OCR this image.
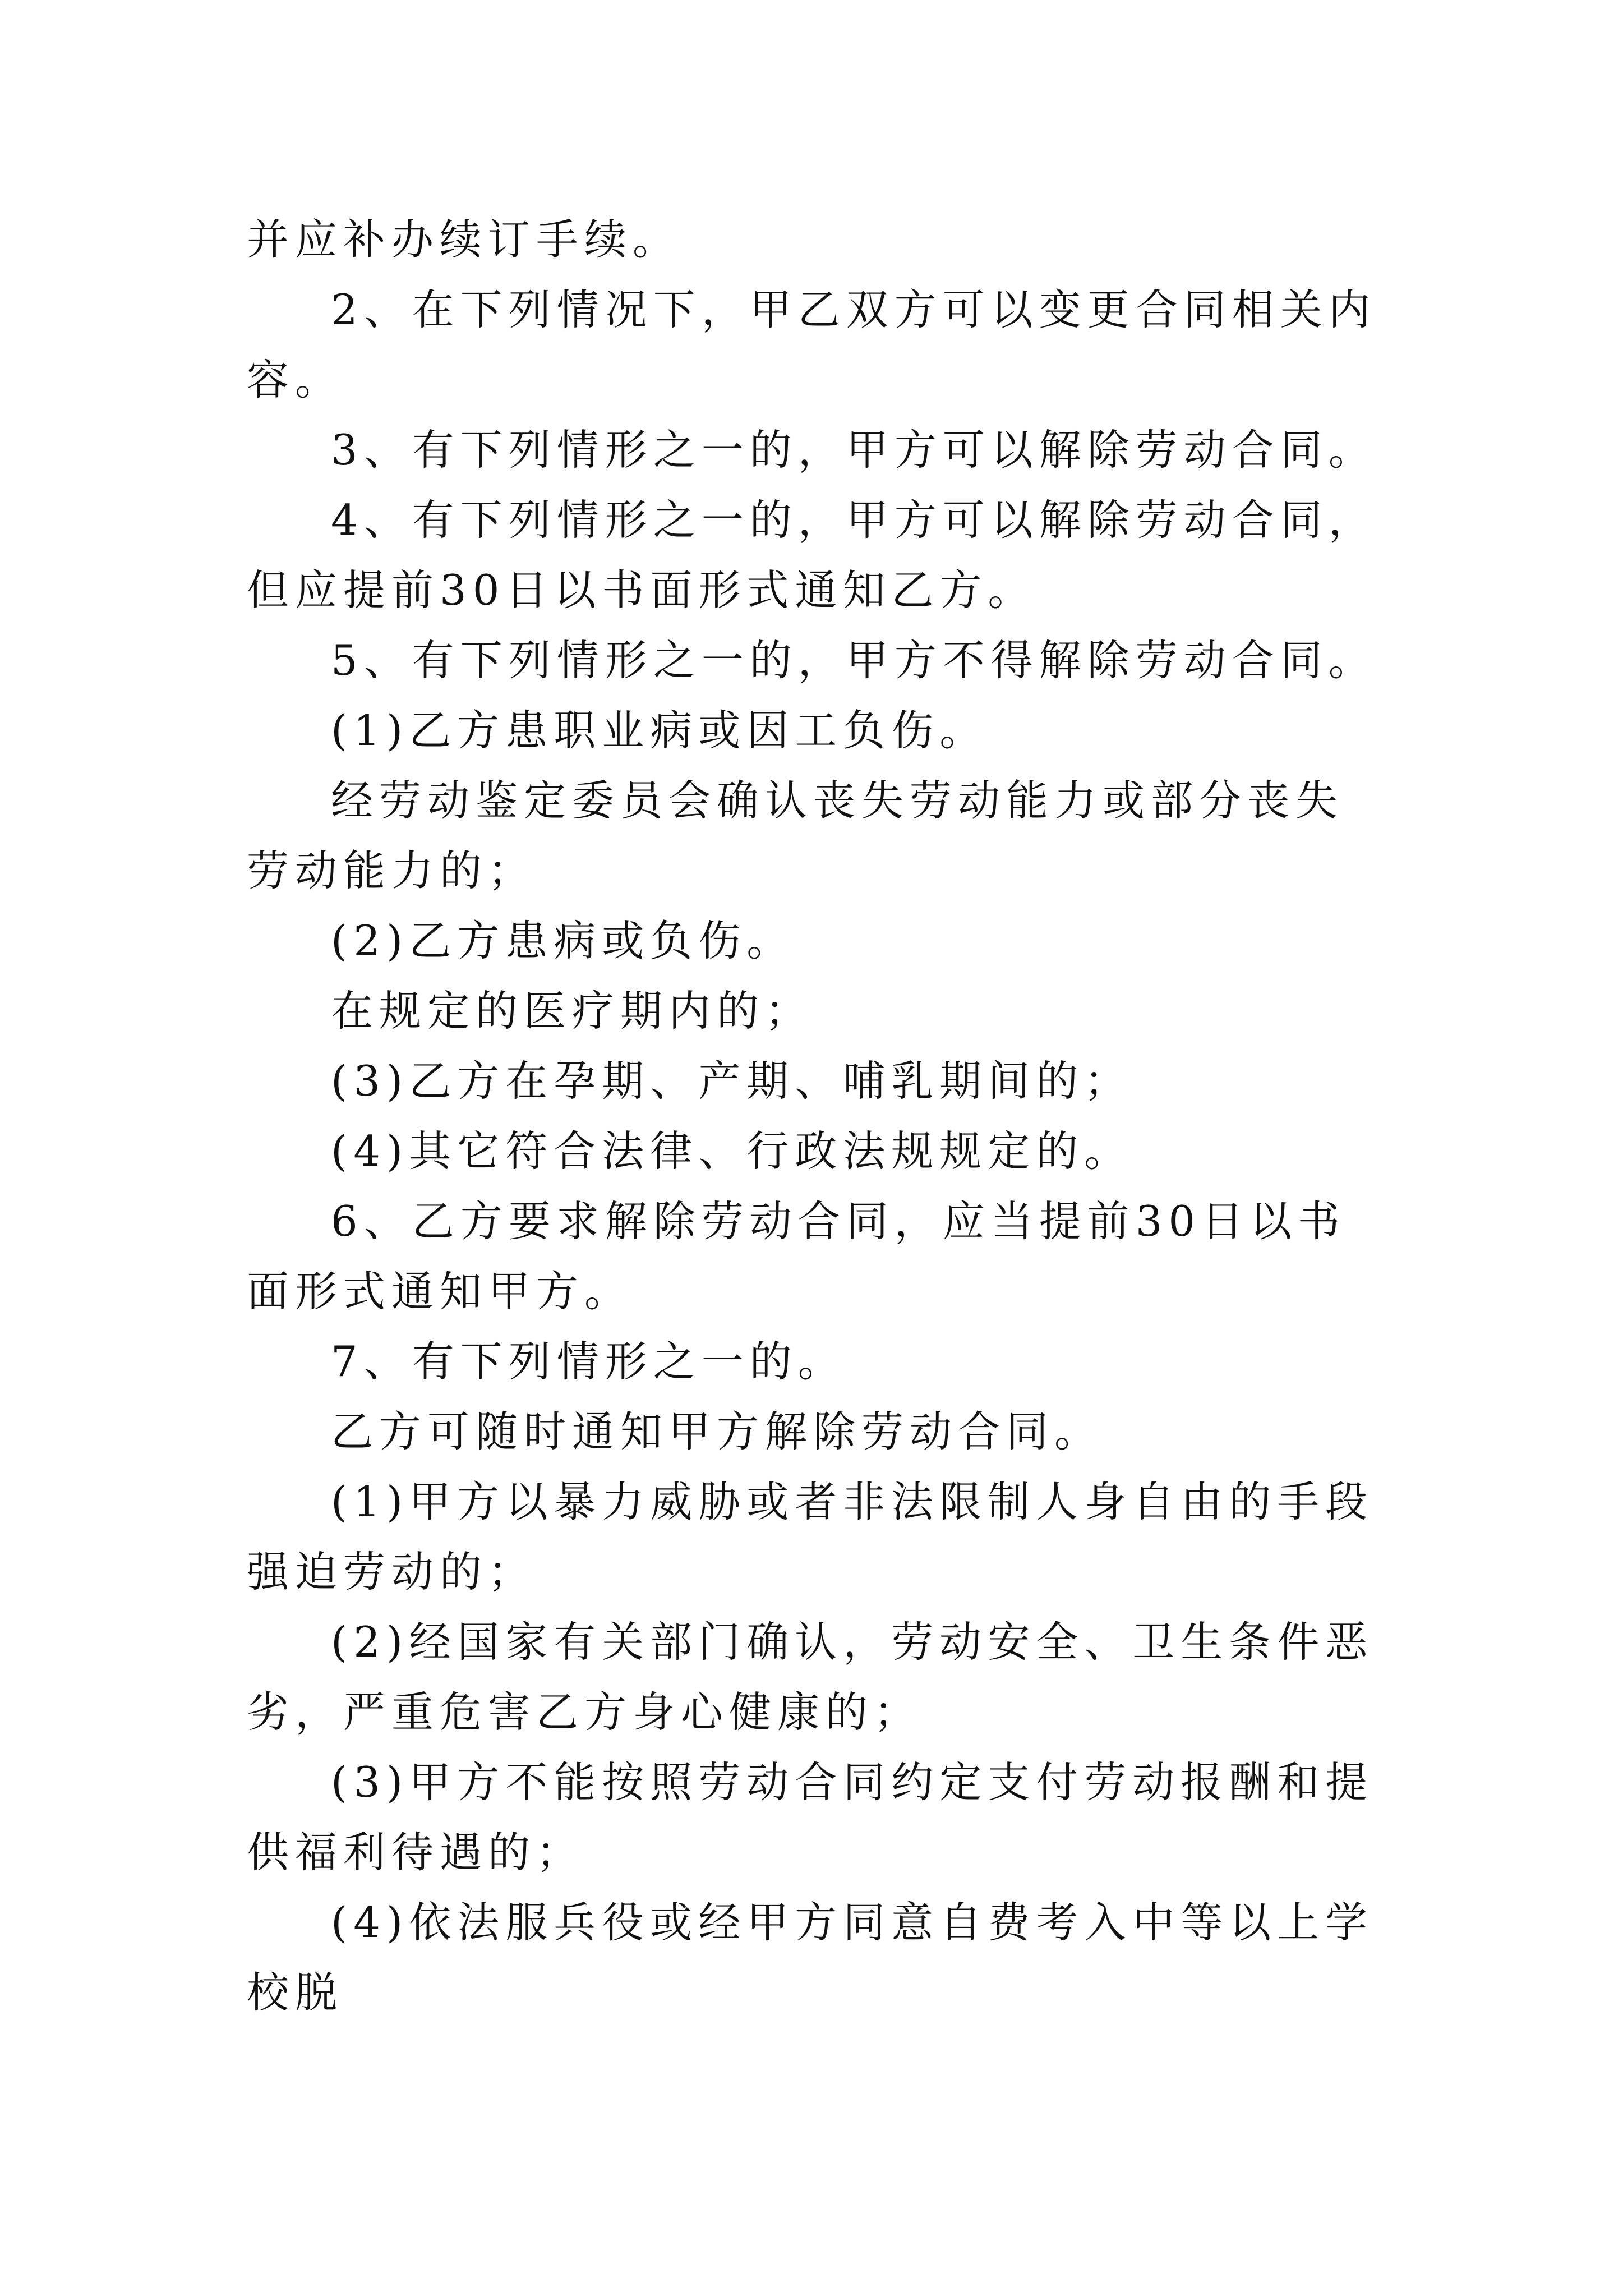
并应补办续订手续。

2、在下列情况下，甲乙双方可以变更合同相关内容。

3、有下列情形之一的，甲方可以解除劳动合同。

4、有下列情形之一的，甲方可以解除劳动合同，但应提前30日以书面形式通知乙方。

5、有下列情形之一的，甲方不得解除劳动合同。

(1)乙方患职业病或因工负伤。

经劳动鉴定委员会确认丧失劳动能力或部分丧失劳动能力的；

(2)乙方患病或负伤。

在规定的医疗期内的；

(3)乙方在孕期、产期、哺乳期间的；

(4)其它符合法律、行政法规规定的。

6、乙方要求解除劳动合同，应当提前30日以书面形式通知甲方。

7、有下列情形之一的。

乙方可随时通知甲方解除劳动合同。

(1)甲方以暴力威胁或者非法限制人身自由的手段强迫劳动的；

(2)经国家有关部门确认，劳动安全、卫生条件恶劣，严重危害乙方身心健康的；

(3)甲方不能按照劳动合同约定支付劳动报酬和提供福利待遇的；

(4)依法服兵役或经甲方同意自费考入中等以上学校脱
